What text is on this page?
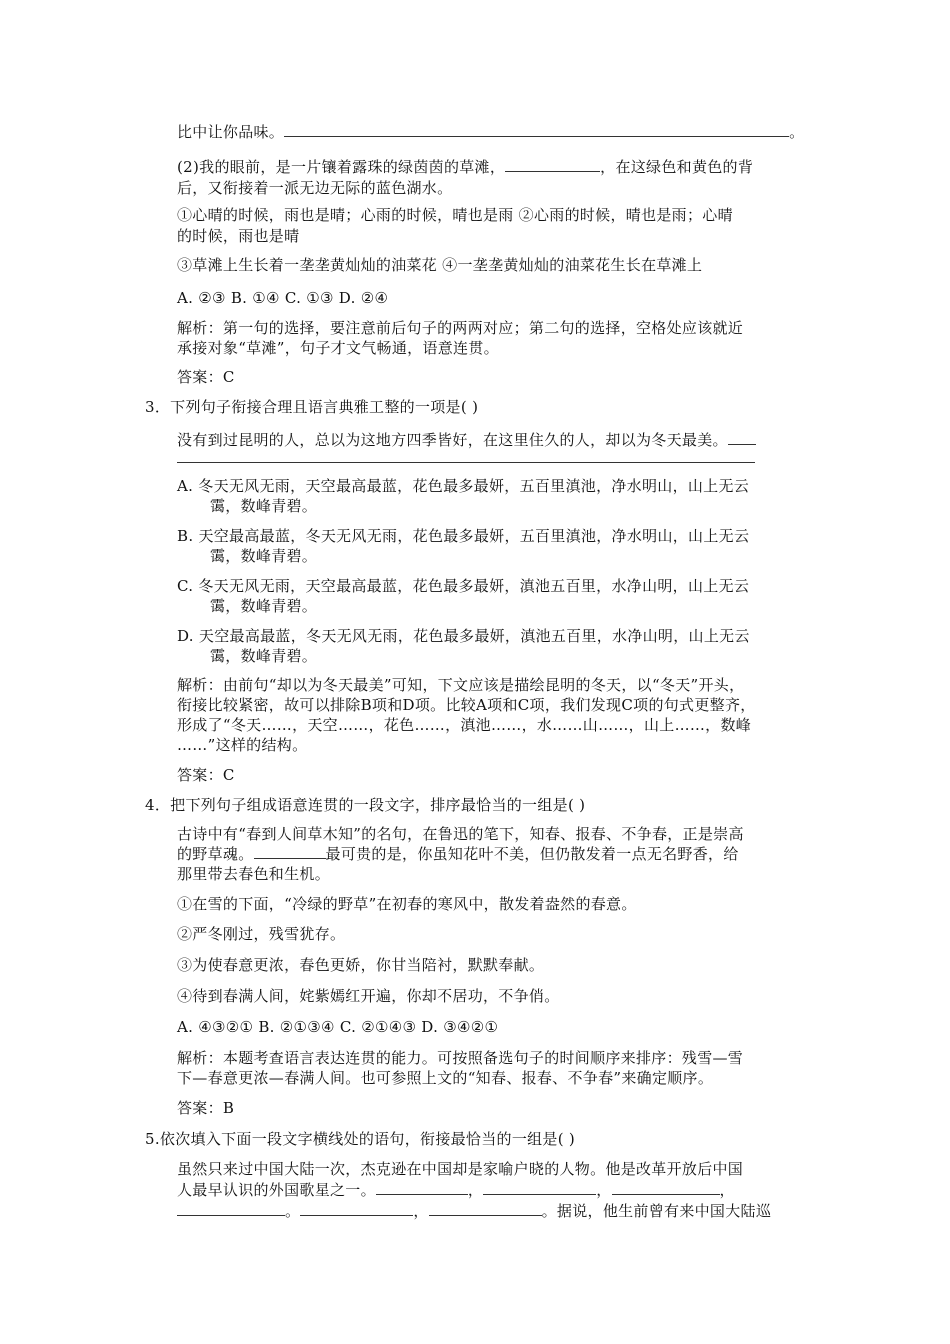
比中让你品味。	。
(2)我的眼前，是一片镶着露珠的绿茵茵的草滩，	，在这绿色和黄色的背
后，又衔接着一派无边无际的蓝色湖水。
①心晴的时候，雨也是晴；心雨的时候，晴也是雨 ②心雨的时候，晴也是雨；心晴
的时候，雨也是晴
③草滩上生长着一垄垄黄灿灿的油菜花 ④一垄垄黄灿灿的油菜花生长在草滩上
A. ②③ B. ①④ C. ①③ D. ②④
解析：第一句的选择，要注意前后句子的两两对应；第二句的选择，空格处应该就近
承接对象“草滩”，句子才文气畅通，语意连贯。
答案：C
3．下列句子衔接合理且语言典雅工整的一项是( )
没有到过昆明的人，总以为这地方四季皆好，在这里住久的人，却以为冬天最美。
A. 冬天无风无雨，天空最高最蓝，花色最多最妍，五百里滇池，净水明山，山上无云
霭，数峰青碧。
B. 天空最高最蓝，冬天无风无雨，花色最多最妍，五百里滇池，净水明山，山上无云
霭，数峰青碧。
C. 冬天无风无雨，天空最高最蓝，花色最多最妍，滇池五百里，水净山明，山上无云
霭，数峰青碧。
D. 天空最高最蓝，冬天无风无雨，花色最多最妍，滇池五百里，水净山明，山上无云
霭，数峰青碧。
解析：由前句“却以为冬天最美”可知，下文应该是描绘昆明的冬天，以“冬天”开头，
衔接比较紧密，故可以排除B项和D项。比较A项和C项，我们发现C项的句式更整齐，
形成了“冬天……，天空……，花色……，滇池……，水……山……，山上……，数峰
……”这样的结构。
答案：C
4．把下列句子组成语意连贯的一段文字，排序最恰当的一组是( )
古诗中有“春到人间草木知”的名句，在鲁迅的笔下，知春、报春、不争春，正是崇高
的野草魂。	最可贵的是，你虽知花叶不美，但仍散发着一点无名野香，给
那里带去春色和生机。
①在雪的下面，“冷绿的野草”在初春的寒风中，散发着盎然的春意。
②严冬刚过，残雪犹存。
③为使春意更浓，春色更娇，你甘当陪衬，默默奉献。
④待到春满人间，姹紫嫣红开遍，你却不居功，不争俏。
A. ④③②① B. ②①③④ C. ②①④③ D. ③④②①
解析：本题考查语言表达连贯的能力。可按照备选句子的时间顺序来排序：残雪—雪
下—春意更浓—春满人间。也可参照上文的“知春、报春、不争春”来确定顺序。
答案：B
5.依次填入下面一段文字横线处的语句，衔接最恰当的一组是( )
虽然只来过中国大陆一次，杰克逊在中国却是家喻户晓的人物。他是改革开放后中国
人最早认识的外国歌星之一。	，	，	，
。	，	。据说，他生前曾有来中国大陆巡
